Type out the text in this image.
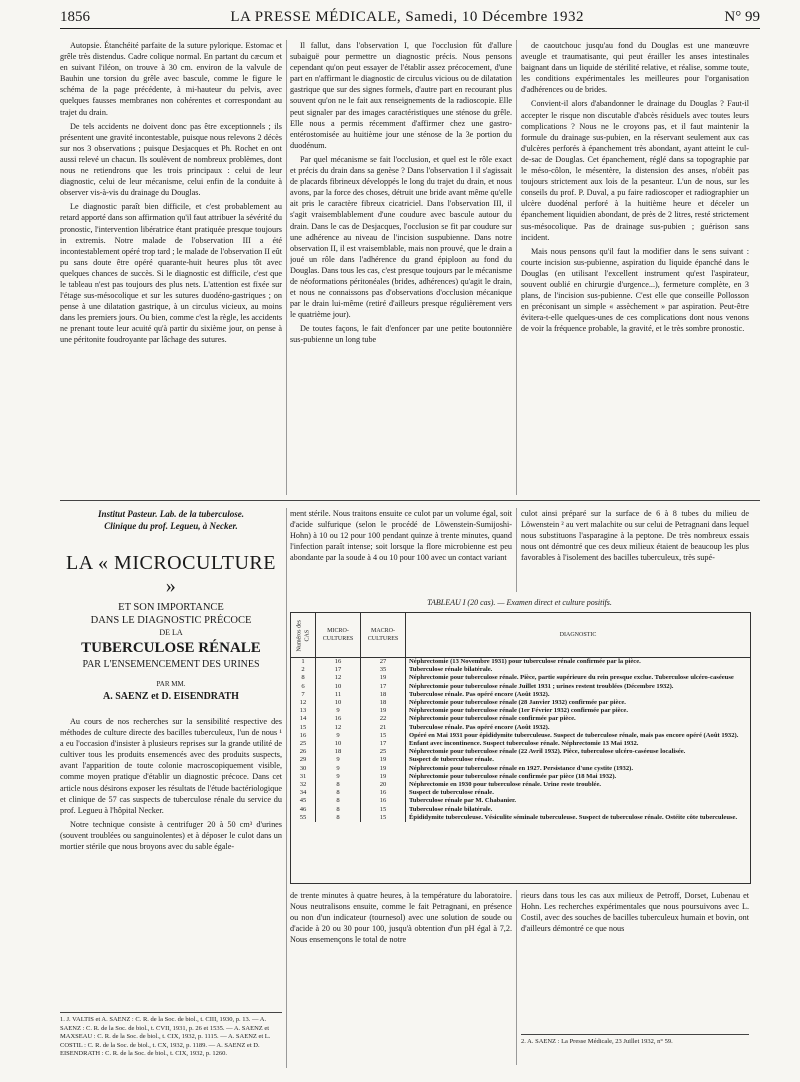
1856	LA PRESSE MÉDICALE, Samedi, 10 Décembre 1932	N° 99

Autopsie. Étanchéité parfaite de la suture pylorique. Estomac et grêle très distendus. Cadre colique normal. En partant du cæcum et en suivant l'iléon, on trouve à 30 cm. environ de la valvule de Bauhin une torsion du grêle avec bascule, comme le figure le schéma de la page précédente, à mi-hauteur du pelvis, avec quelques fausses membranes non cohérentes et correspondant au trajet du drain.

De tels accidents ne doivent donc pas être exceptionnels ; ils présentent une gravité incontestable, puisque nous relevons 2 décès sur nos 3 observations ; puisque Desjacques et Ph. Rochet en ont aussi relevé un chacun. Ils soulèvent de nombreux problèmes, dont nous ne retiendrons que les trois principaux : celui de leur diagnostic, celui de leur mécanisme, celui enfin de la conduite à observer vis-à-vis du drainage du Douglas.

Le diagnostic paraît bien difficile, et c'est probablement au retard apporté dans son affirmation qu'il faut attribuer la sévérité du pronostic, l'intervention libératrice étant pratiquée presque toujours in extremis. Notre malade de l'observation III a été incontestablement opéré trop tard ; le malade de l'observation II eût pu sans doute être opéré quarante-huit heures plus tôt avec quelques chances de succès. Si le diagnostic est difficile, c'est que le tableau n'est pas toujours des plus nets. L'attention est fixée sur l'étage sus-mésocolique et sur les sutures duodéno-gastriques ; on pense à une dilatation gastrique, à un circulus vicieux, au moins dans les premiers jours. Ou bien, comme c'est la règle, les accidents ne prenant toute leur acuité qu'à partir du sixième jour, on pense à une péritonite foudroyante par lâchage des sutures.

Il fallut, dans l'observation I, que l'occlusion fût d'allure subaiguë pour permettre un diagnostic précis. Nous pensons cependant qu'on peut essayer de l'établir assez précocement, d'une part en n'affirmant le diagnostic de circulus vicious ou de dilatation gastrique que sur des signes formels, d'autre part en recourant plus souvent qu'on ne le fait aux renseignements de la radioscopie. Elle peut signaler par des images caractéristiques une sténose du grêle. Elle nous a permis récemment d'affirmer chez une gastro-entérostomisée au huitième jour une sténose de la 3e portion du duodénum.

Par quel mécanisme se fait l'occlusion, et quel est le rôle exact et précis du drain dans sa genèse ? Dans l'observation I il s'agissait de placards fibrineux développés le long du trajet du drain, et nous avons, par la force des choses, détruit une bride avant même qu'elle ait pris le caractère fibreux cicatriciel. Dans l'observation III, il s'agit vraisemblablement d'une coudure avec bascule autour du drain. Dans le cas de Desjacques, l'occlusion se fit par coudure sur une adhérence au niveau de l'incision suspubienne. Dans notre observation II, il est vraisemblable, mais non prouvé, que le drain a joué un rôle dans l'adhérence du grand épiploon au fond du Douglas. Dans tous les cas, c'est presque toujours par le mécanisme de néoformations péritonéales (brides, adhérences) qu'agit le drain, et nous ne connaissons pas d'observations d'occlusion mécanique par le drain lui-même (retiré d'ailleurs presque régulièrement vers le quatrième jour).

De toutes façons, le fait d'enfoncer par une petite boutonnière sus-pubienne un long tube

de caoutchouc jusqu'au fond du Douglas est une manœuvre aveugle et traumatisante, qui peut érailler les anses intestinales baignant dans un liquide de stérilité relative, et réalise, somme toute, les conditions expérimentales les meilleures pour l'organisation d'adhérences ou de brides.

Convient-il alors d'abandonner le drainage du Douglas ? Faut-il accepter le risque non discutable d'abcès résiduels avec toutes leurs complications ? Nous ne le croyons pas, et il faut maintenir la formule du drainage sus-pubien, en la réservant seulement aux cas d'ulcères perforés à épanchement très abondant, ayant atteint le cul-de-sac de Douglas. Cet épanchement, réglé dans sa topographie par le méso-côlon, le mésentère, la distension des anses, n'obéit pas toujours strictement aux lois de la pesanteur. L'un de nous, sur les conseils du prof. P. Duval, a pu faire radioscoper et radiographier un ulcère duodénal perforé à la huitième heure et déceler un épanchement liquidien abondant, de près de 2 litres, resté strictement sus-mésocolique. Pas de drainage sus-pubien ; guérison sans incident.

Mais nous pensons qu'il faut la modifier dans le sens suivant : courte incision sus-pubienne, aspiration du liquide épanché dans le Douglas (en utilisant l'excellent instrument qu'est l'aspirateur, souvent oublié en chirurgie d'urgence...), fermeture complète, en 3 plans, de l'incision sus-pubienne. C'est elle que conseille Pollosson en préconisant un simple « assèchement » par aspiration. Peut-être évitera-t-elle quelques-unes de ces complications dont nous venons de voir la fréquence probable, la gravité, et le très sombre pronostic.

Institut Pasteur. Lab. de la tuberculose.
Clinique du prof. Legueu, à Necker.
LA « MICROCULTURE »
ET SON IMPORTANCE
DANS LE DIAGNOSTIC PRÉCOCE
DE LA
TUBERCULOSE RÉNALE
PAR L'ENSEMENCEMENT DES URINES
PAR MM.
A. SAENZ et D. EISENDRATH

Au cours de nos recherches sur la sensibilité respective des méthodes de culture directe des bacilles tuberculeux, l'un de nous ¹ a eu l'occasion d'insister à plusieurs reprises sur la grande utilité de cultiver tous les produits ensemencés avec des produits suspects, avant l'apparition de toute colonie macroscopiquement visible, comme moyen pratique d'établir un diagnostic précoce. Dans cet article nous désirons exposer les résultats de l'étude bactériologique et clinique de 57 cas suspects de tuberculose rénale du service du prof. Legueu à l'hôpital Necker.

Notre technique consiste à centrifuger 20 à 50 cm³ d'urines (souvent troublées ou sanguinolentes) et à déposer le culot dans un mortier stérile que nous broyons avec du sable égale-

1. J. VALTIS et A. SAENZ : C. R. de la Soc. de biol., t. CIII, 1930, p. 13. — A. SAENZ : C. R. de la Soc. de biol., t. CVII, 1931, p. 26 et 1535. — A. SAENZ et MAXSEAU : C. R. de la Soc. de biol., t. CIX, 1932, p. 1115. — A. SAENZ et L. COSTIL : C. R. de la Soc. de biol., t. CX, 1932, p. 1189. — A. SAENZ et D. EISENDRATH : C. R. de la Soc. de biol., t. CIX, 1932, p. 1260.

ment stérile. Nous traitons ensuite ce culot par un volume égal, soit d'acide sulfurique (selon le procédé de Löwenstein-Sumijoshi-Hohn) à 10 ou 12 pour 100 pendant quinze à trente minutes, quand l'infection paraît intense; soit lorsque la flore microbienne est peu abondante par la soude à 4 ou 10 pour 100 avec un contact variant

culot ainsi préparé sur la surface de 6 à 8 tubes du milieu de Löwenstein ² au vert malachite ou sur celui de Petragnani dans lequel nous substituons l'asparagine à la peptone. De très nombreux essais nous ont démontré que ces deux milieux étaient de beaucoup les plus favorables à l'isolement des bacilles tuberculeux, très supé-

TABLEAU I (20 cas). — Examen direct et culture positifs.
Numéros des CAS	MICRO-CULTURES	MACRO-CULTURES	DIAGNOSTIC
1	16	27	Néphrectomie (13 Novembre 1931) pour tuberculose rénale confirmée par la pièce.
2	17	35	Tuberculose rénale bilatérale.
8	12	19	Néphrectomie pour tuberculose rénale. Pièce, partie supérieure du rein presque exclue. Tuberculose ulcéro-caséeuse
6	10	17	Néphrectomie pour tuberculose rénale Juillet 1931 ; urines restent troublées (Décembre 1932).
7	11	18	Tuberculose rénale. Pas opéré encore (Août 1932).
12	10	18	Néphrectomie pour tuberculose rénale (28 Janvier 1932) confirmée par pièce.
13	9	19	Néphrectomie pour tuberculose rénale (1er Février 1932) confirmée par pièce.
14	16	22	Néphrectomie pour tuberculose rénale confirmée par pièce.
15	12	21	Tuberculose rénale. Pas opéré encore (Août 1932).
16	9	15	Opéré en Mai 1931 pour épididymite tuberculeuse. Suspect de tuberculose rénale, mais pas encore opéré (Août 1932).
25	10	17	Enfant avec incontinence. Suspect tuberculose rénale. Néphrectomie 13 Mai 1932.
26	18	25	Néphrectomie pour tuberculose rénale (22 Avril 1932). Pièce, tuberculose ulcéro-caséeuse localisée.
29	9	19	Suspect de tuberculose rénale.
30	9	19	Néphrectomie pour tuberculose rénale en 1927. Persistance d'une cystite (1932).
31	9	19	Néphrectomie pour tuberculose rénale confirmée par pièce (18 Mai 1932).
32	8	20	Néphrectomie en 1930 pour tuberculose rénale. Urine reste troublée.
34	8	16	Suspect de tuberculose rénale.
45	8	16	Tuberculose rénale par M. Chabanier.
46	8	15	Tuberculose rénale bilatérale.
55	8	15	Épididymite tuberculeuse. Vésiculite séminale tuberculeuse. Suspect de tuberculose rénale. Ostéite côte tuberculeuse.

de trente minutes à quatre heures, à la température du laboratoire. Nous neutralisons ensuite, comme le fait Petragnani, en présence ou non d'un indicateur (tournesol) avec une solution de soude ou d'acide à 20 ou 30 pour 100, jusqu'à obtention d'un pH égal à 7,2. Nous ensemençons le total de notre

rieurs dans tous les cas aux milieux de Petroff, Dorset, Lubenau et Hohn. Les recherches expérimentales que nous poursuivons avec L. Costil, avec des souches de bacilles tuberculeux humain et bovin, ont d'ailleurs démontré ce que nous

2. A. SAENZ : La Presse Médicale, 23 Juillet 1932, n° 59.
